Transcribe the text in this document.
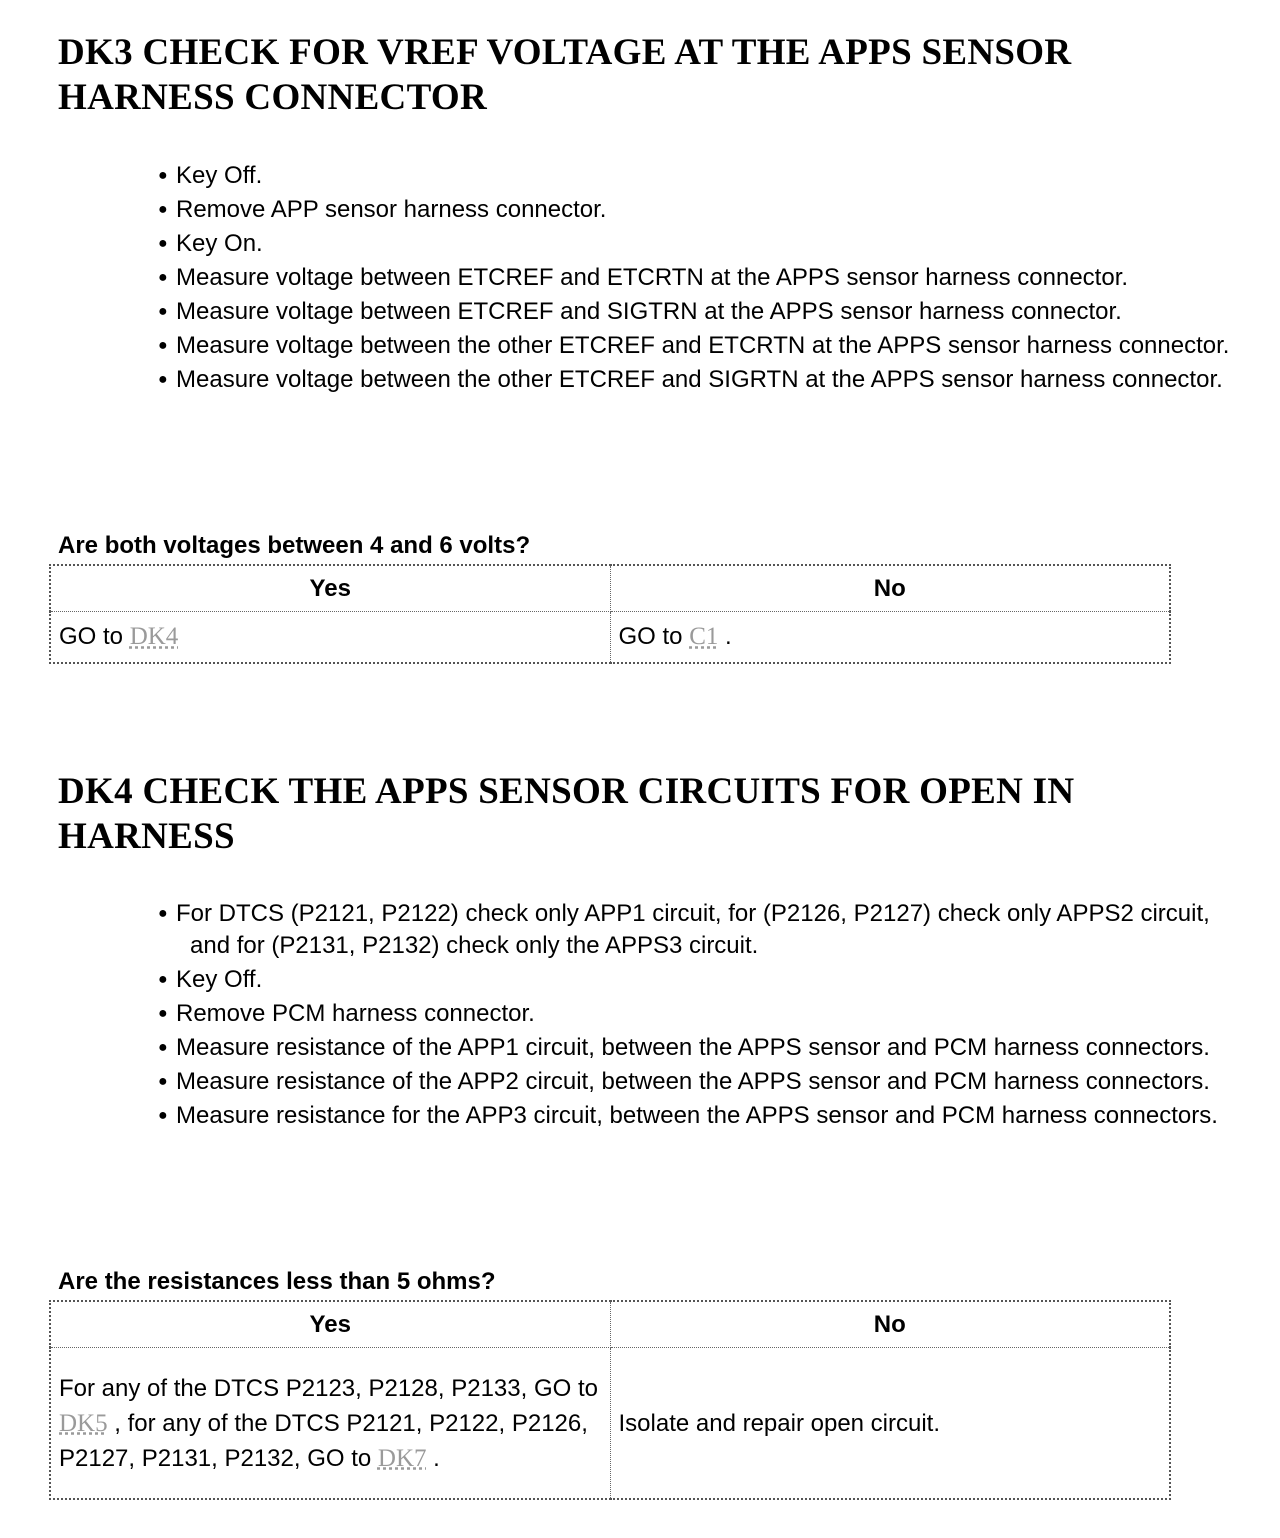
DK3 CHECK FOR VREF VOLTAGE AT THE APPS SENSOR HARNESS CONNECTOR
● Key Off.
● Remove APP sensor harness connector.
● Key On.
● Measure voltage between ETCREF and ETCRTN at the APPS sensor harness connector.
● Measure voltage between ETCREF and SIGTRN at the APPS sensor harness connector.
● Measure voltage between the other ETCREF and ETCRTN at the APPS sensor harness connector.
● Measure voltage between the other ETCREF and SIGRTN at the APPS sensor harness connector.

Are both voltages between 4 and 6 volts?

Yes	No
GO to DK4	GO to C1 .
DK4 CHECK THE APPS SENSOR CIRCUITS FOR OPEN IN HARNESS
● For DTCS (P2121, P2122) check only APP1 circuit, for (P2126, P2127) check only APPS2 circuit, and for (P2131, P2132) check only the APPS3 circuit.
● Key Off.
● Remove PCM harness connector.
● Measure resistance of the APP1 circuit, between the APPS sensor and PCM harness connectors.
● Measure resistance of the APP2 circuit, between the APPS sensor and PCM harness connectors.
● Measure resistance for the APP3 circuit, between the APPS sensor and PCM harness connectors.

Are the resistances less than 5 ohms?

Yes	No
For any of the DTCS P2123, P2128, P2133, GO to DK5 , for any of the DTCS P2121, P2122, P2126, P2127, P2131, P2132, GO to DK7 .	Isolate and repair open circuit.
